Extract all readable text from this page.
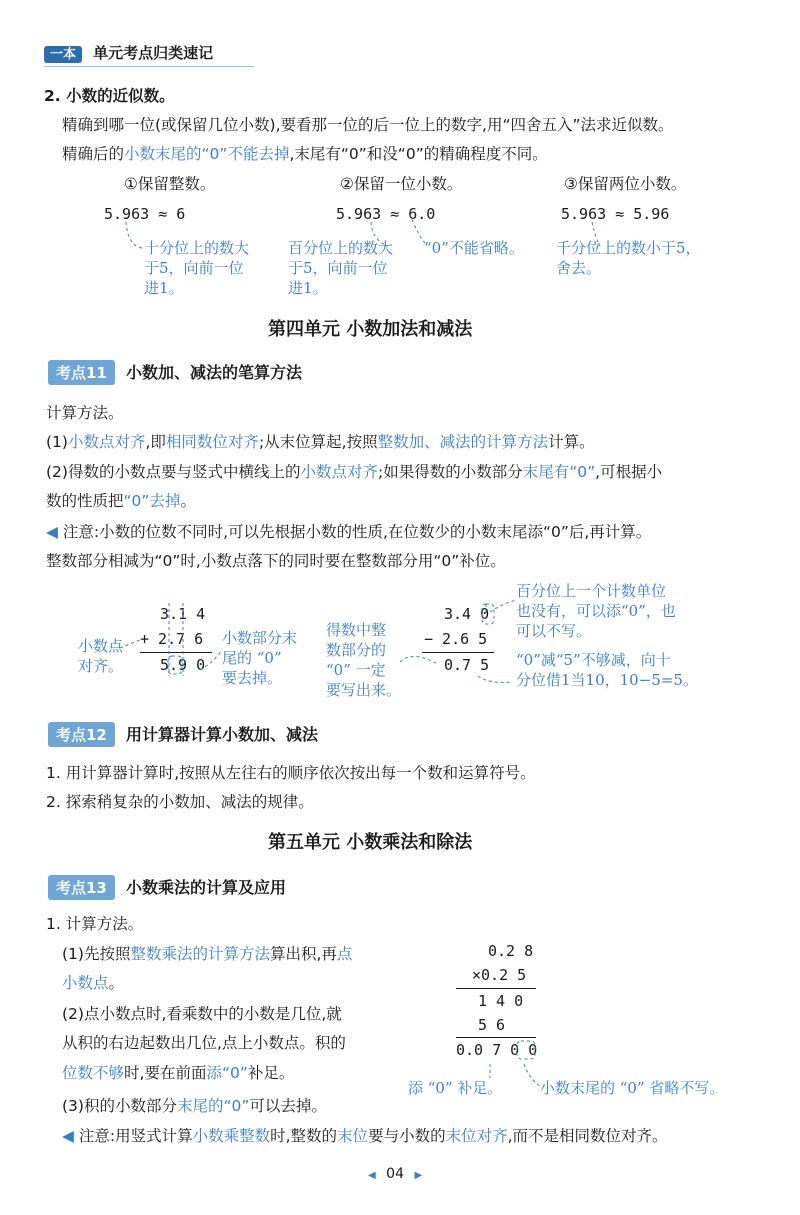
一本 单元考点归类速记
2. 小数的近似数。
精确到哪一位(或保留几位小数),要看那一位的后一位上的数字,用“四舍五入”法求近似数。
精确后的小数末尾的“0”不能去掉,末尾有“0”和没“0”的精确程度不同。
①保留整数。	②保留一位小数。	③保留两位小数。
5.963 ≈ 6	5.963 ≈ 6.0	5.963 ≈ 5.96
十分位上的数大
于5，向前一位
进1。
百分位上的数大
于5，向前一位
进1。
“0”不能省略。 千分位上的数小于5，
舍去。
第四单元 小数加法和减法
考点11 小数加、减法的笔算方法
计算方法。
(1)小数点对齐,即相同数位对齐;从末位算起,按照整数加、减法的计算方法计算。
(2)得数的小数点要与竖式中横线上的小数点对齐;如果得数的小数部分末尾有“0”,可根据小
数的性质把“0”去掉。
◀ 注意:小数的位数不同时,可以先根据小数的性质,在位数少的小数末尾添“0”后,再计算。
整数部分相减为“0”时,小数点落下的同时要在整数部分用“0”补位。
3.1 4
+ 2.7 6
5.9 0
小数点
对齐。
小数部分末
尾的 “0”
要去掉。
得数中整
数部分的
“0” 一定
要写出来。
3.4 0
− 2.6 5
0.7 5
百分位上一个计数单位
也没有，可以添“0”，也
可以不写。
“0”减“5”不够减，向十
分位借1当10，10−5=5。
考点12 用计算器计算小数加、减法
1. 用计算器计算时,按照从左往右的顺序依次按出每一个数和运算符号。
2. 探索稍复杂的小数加、减法的规律。
第五单元 小数乘法和除法
考点13 小数乘法的计算及应用
1. 计算方法。
(1)先按照整数乘法的计算方法算出积,再点
小数点。
(2)点小数点时,看乘数中的小数是几位,就
从积的右边起数出几位,点上小数点。积的
位数不够时,要在前面添“0”补足。
(3)积的小数部分末尾的“0”可以去掉。
◀ 注意:用竖式计算小数乘整数时,整数的末位要与小数的末位对齐,而不是相同数位对齐。
0.2 8
×0.2 5
1 4 0
5 6
0.0 7 0 0
添 “0” 补足。	小数末尾的 “0” 省略不写。
◀ 04 ▶
